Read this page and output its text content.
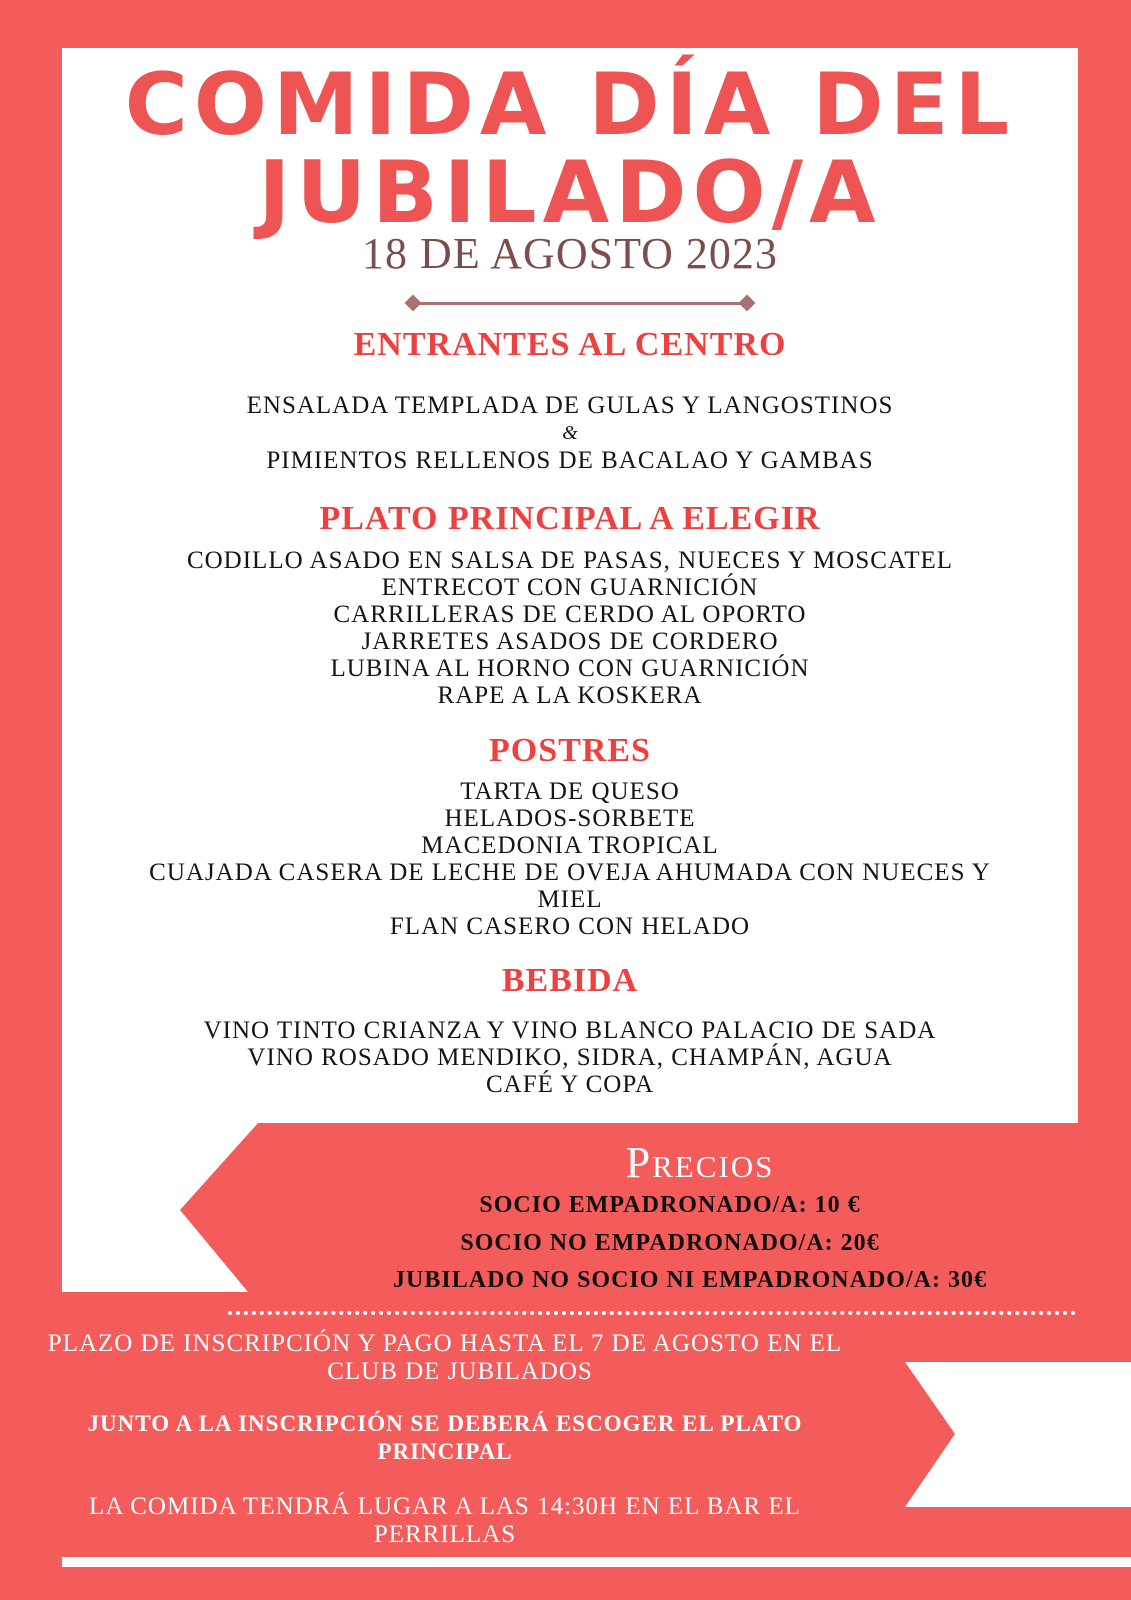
COMIDA DÍA DEL
JUBILADO/A
18 DE AGOSTO 2023
ENTRANTES AL CENTRO
ENSALADA TEMPLADA DE GULAS Y LANGOSTINOS
&
PIMIENTOS RELLENOS DE BACALAO Y GAMBAS
PLATO PRINCIPAL A ELEGIR
CODILLO ASADO EN SALSA DE PASAS, NUECES Y MOSCATEL
ENTRECOT CON GUARNICIÓN
CARRILLERAS DE CERDO AL OPORTO
JARRETES ASADOS DE CORDERO
LUBINA AL HORNO CON GUARNICIÓN
RAPE A LA KOSKERA
POSTRES
TARTA DE QUESO
HELADOS-SORBETE
MACEDONIA TROPICAL
CUAJADA CASERA DE LECHE DE OVEJA AHUMADA CON NUECES Y
MIEL
FLAN CASERO CON HELADO
BEBIDA
VINO TINTO CRIANZA Y VINO BLANCO PALACIO DE SADA
VINO ROSADO MENDIKO, SIDRA, CHAMPÁN, AGUA
CAFÉ Y COPA
Precios
SOCIO EMPADRONADO/A: 10 €
SOCIO NO EMPADRONADO/A: 20€
JUBILADO NO SOCIO NI EMPADRONADO/A: 30€
PLAZO DE INSCRIPCIÓN Y PAGO HASTA EL 7 DE AGOSTO EN EL
CLUB DE JUBILADOS
JUNTO A LA INSCRIPCIÓN SE DEBERÁ ESCOGER EL PLATO
PRINCIPAL
LA COMIDA TENDRÁ LUGAR A LAS 14:30H EN EL BAR EL
PERRILLAS
